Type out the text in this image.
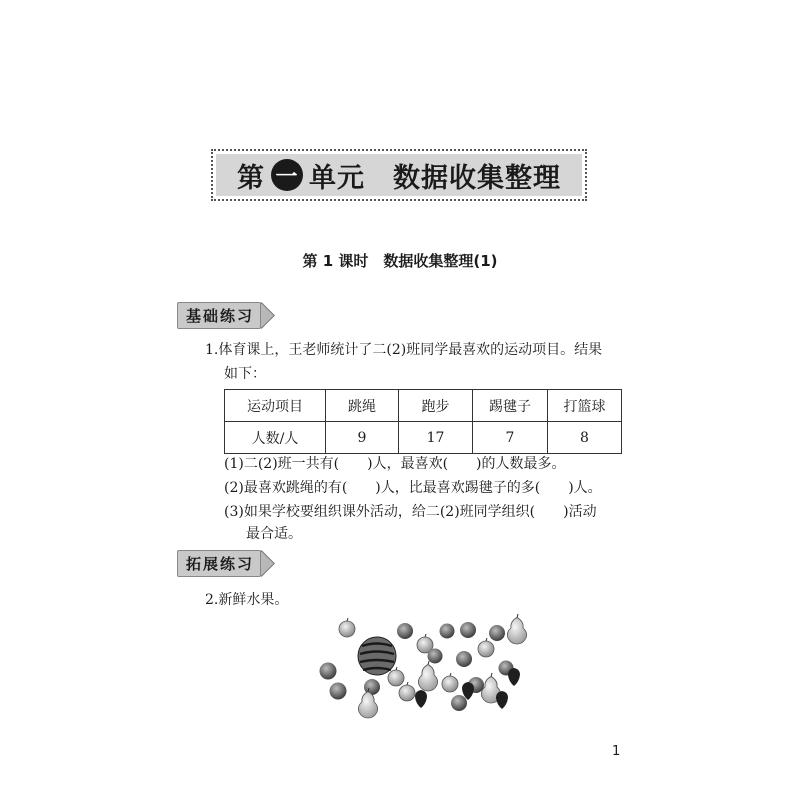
第 一 单元 数据收集整理
第 1 课时　数据收集整理(1)
基础练习
1.体育课上，王老师统计了二(2)班同学最喜欢的运动项目。结果
如下：
运动项目	跳绳	跑步	踢毽子	打篮球
人数/人	9	17	7	8
(1)二(2)班一共有(　　)人，最喜欢(　　)的人数最多。
(2)最喜欢跳绳的有(　　)人，比最喜欢踢毽子的多(　　)人。
(3)如果学校要组织课外活动，给二(2)班同学组织(　　)活动
最合适。
拓展练习
2.新鲜水果。
1
